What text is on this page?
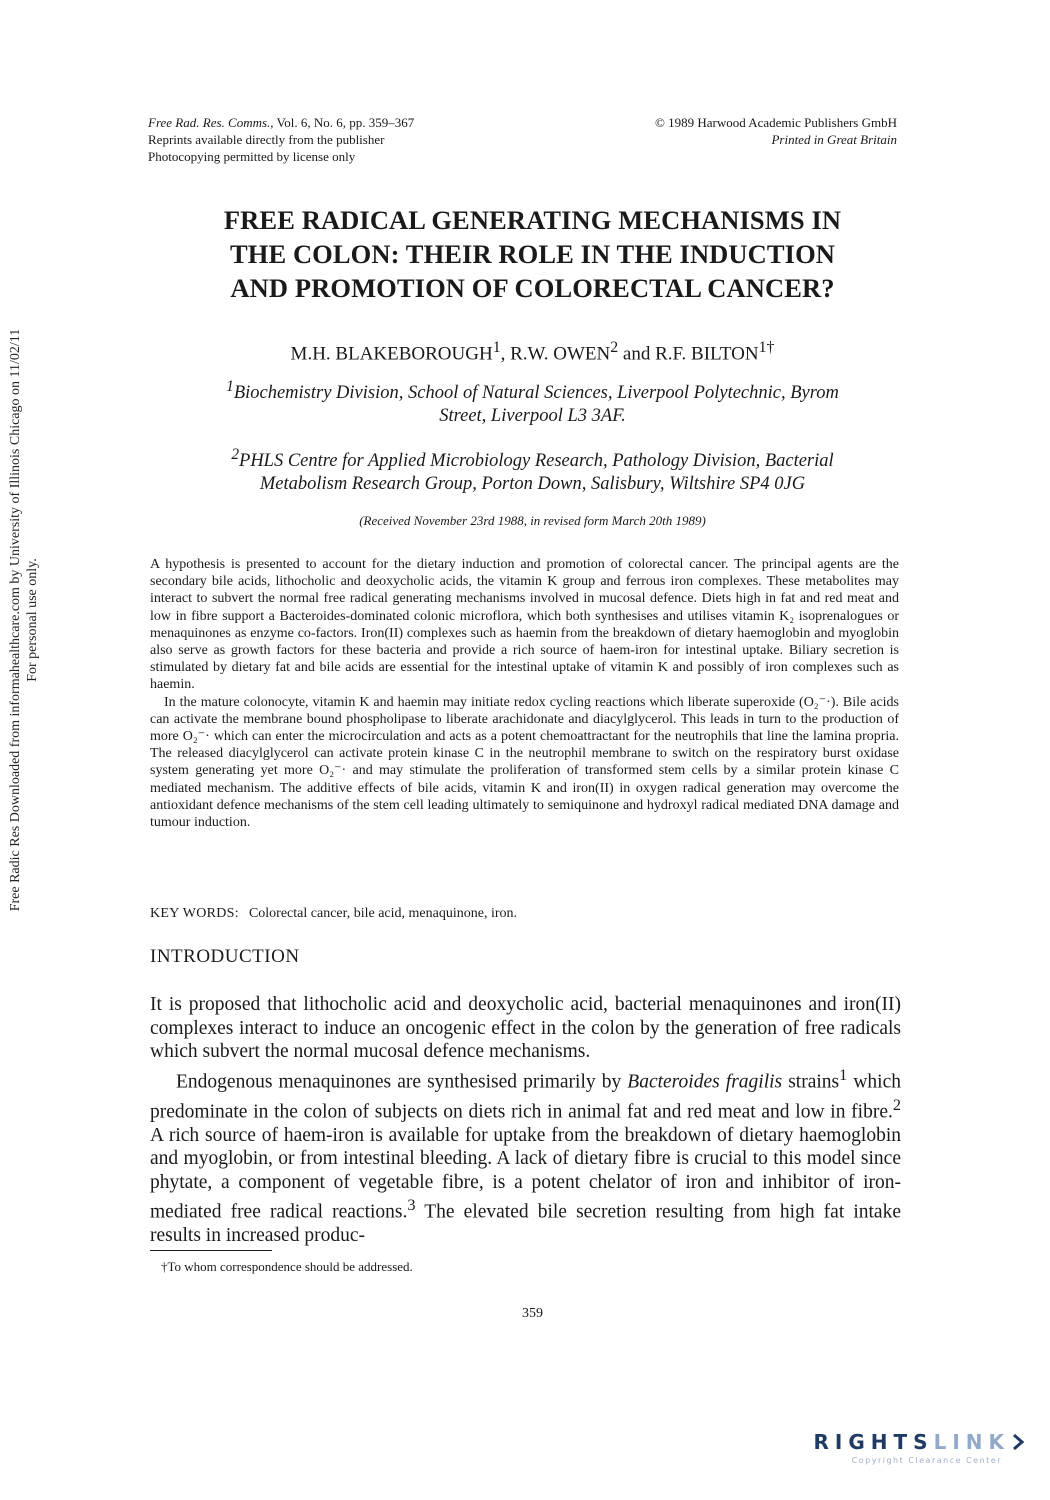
Free Radic Res Downloaded from informahealthcare.com by University of Illinois Chicago on 11/02/11 For personal use only.
Free Rad. Res. Comms., Vol. 6, No. 6, pp. 359–367
Reprints available directly from the publisher
Photocopying permitted by license only
© 1989 Harwood Academic Publishers GmbH
Printed in Great Britain
FREE RADICAL GENERATING MECHANISMS IN
THE COLON: THEIR ROLE IN THE INDUCTION
AND PROMOTION OF COLORECTAL CANCER?
M.H. BLAKEBOROUGH$^1$, R.W. OWEN$^2$ and R.F. $BILTON^{1\dagger}$
$^1$Biochemistry Division, School of Natural Sciences, Liverpool Polytechnic, Byrom
Street, Liverpool L3 3AF.
$^2$PHLS Centre for Applied Microbiology Research, Pathology Division, Bacterial
Metabolism Research Group, Porton Down, Salisbury, Wiltshire SP4 0JG
(Received November 23rd 1988, in revised form March 20th 1989)

A hypothesis is presented to account for the dietary induction and promotion of colorectal cancer. The principal agents are the secondary bile acids, lithocholic and deoxycholic acids, the vitamin K group and ferrous iron complexes. These metabolites may interact to subvert the normal free radical generating mechanisms involved in mucosal defence. Diets high in fat and red meat and low in fibre support a Bacteroides-dominated colonic microflora, which both synthesises and utilises vitamin K₂ isoprenalogues or menaquinones as enzyme co-factors. Iron(II) complexes such as haemin from the breakdown of dietary haemoglobin and myoglobin also serve as growth factors for these bacteria and provide a rich source of haem-iron for intestinal uptake. Biliary secretion is stimulated by dietary fat and bile acids are essential for the intestinal uptake of vitamin K and possibly of iron complexes such as haemin.

In the mature colonocyte, vitamin K and haemin may initiate redox cycling reactions which liberate superoxide (O₂⁻·). Bile acids can activate the membrane bound phospholipase to liberate arachidonate and diacylglycerol. This leads in turn to the production of more O₂⁻· which can enter the microcirculation and acts as a potent chemoattractant for the neutrophils that line the lamina propria. The released diacylglycerol can activate protein kinase C in the neutrophil membrane to switch on the respiratory burst oxidase system generating yet more O₂⁻· and may stimulate the proliferation of transformed stem cells by a similar protein kinase C mediated mechanism. The additive effects of bile acids, vitamin K and iron(II) in oxygen radical generation may overcome the antioxidant defence mechanisms of the stem cell leading ultimately to semiquinone and hydroxyl radical mediated DNA damage and tumour induction.

KEY WORDS: Colorectal cancer, bile acid, menaquinone, iron.
INTRODUCTION

It is proposed that lithocholic acid and deoxycholic acid, bacterial menaquinones and iron(II) complexes interact to induce an oncogenic effect in the colon by the generation of free radicals which subvert the normal mucosal defence mechanisms.

Endogenous menaquinones are synthesised primarily by Bacteroides fragilis strains$^1$ which predominate in the colon of subjects on diets rich in animal fat and red meat and low in fibre.$^2$ A rich source of haem-iron is available for uptake from the breakdown of dietary haemoglobin and myoglobin, or from intestinal bleeding. A lack of dietary fibre is crucial to this model since phytate, a component of vegetable fibre, is a potent chelator of iron and inhibitor of iron-mediated free radical reactions.$^3$ The elevated bile secretion resulting from high fat intake results in increased produc-

†To whom correspondence should be addressed.
359
RIGHTSLINK
Copyright Clearance Center
